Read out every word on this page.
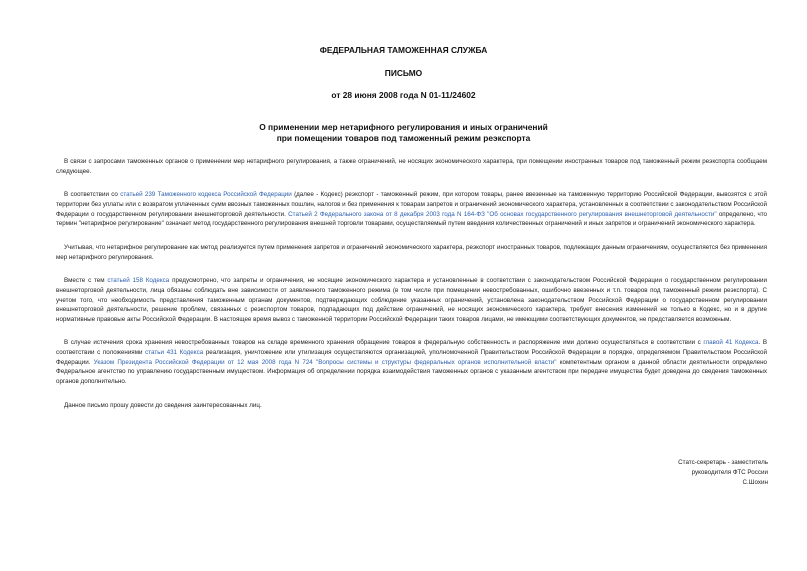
ФЕДЕРАЛЬНАЯ ТАМОЖЕННАЯ СЛУЖБА
ПИСЬМО
от 28 июня 2008 года N 01-11/24602
О применении мер нетарифного регулирования и иных ограничений
при помещении товаров под таможенный режим реэкспорта

В связи с запросами таможенных органов о применении мер нетарифного регулирования, а также ограничений, не носящих экономического характера, при помещении иностранных товаров под таможенный режим реэкспорта сообщаем следующее.

В соответствии со статьей 239 Таможенного кодекса Российской Федерации (далее - Кодекс) реэкспорт - таможенный режим, при котором товары, ранее ввезенные на таможенную территорию Российской Федерации, вывозятся с этой территории без уплаты или с возвратом уплаченных сумм ввозных таможенных пошлин, налогов и без применения к товарам запретов и ограничений экономического характера, установленных в соответствии с законодательством Российской Федерации о государственном регулировании внешнеторговой деятельности. Статьей 2 Федерального закона от 8 декабря 2003 года N 164-ФЗ "Об основах государственного регулирования внешнеторговой деятельности" определено, что термин "нетарифное регулирование" означает метод государственного регулирования внешней торговли товарами, осуществляемый путем введения количественных ограничений и иных запретов и ограничений экономического характера.

Учитывая, что нетарифное регулирование как метод реализуется путем применения запретов и ограничений экономического характера, реэкспорт иностранных товаров, подлежащих данным ограничениям, осуществляется без применения мер нетарифного регулирования.

Вместе с тем статьей 158 Кодекса предусмотрено, что запреты и ограничения, не носящие экономического характера и установленные в соответствии с законодательством Российской Федерации о государственном регулировании внешнеторговой деятельности, лица обязаны соблюдать вне зависимости от заявленного таможенного режима (в том числе при помещении невостребованных, ошибочно ввезенных и т.п. товаров под таможенный режим реэкспорта). С учетом того, что необходимость представления таможенным органам документов, подтверждающих соблюдение указанных ограничений, установлена законодательством Российской Федерации о государственном регулировании внешнеторговой деятельности, решение проблем, связанных с реэкспортом товаров, подпадающих под действие ограничений, не носящих экономического характера, требует внесения изменений не только в Кодекс, но и в другие нормативные правовые акты Российской Федерации. В настоящее время вывоз с таможенной территории Российской Федерации таких товаров лицами, не имеющими соответствующих документов, не представляется возможным.

В случае истечения срока хранения невостребованных товаров на складе временного хранения обращение товаров в федеральную собственность и распоряжение ими должно осуществляться в соответствии с главой 41 Кодекса. В соответствии с положениями статьи 431 Кодекса реализация, уничтожение или утилизация осуществляются организацией, уполномоченной Правительством Российской Федерации в порядке, определяемом Правительством Российской Федерации. Указом Президента Российской Федерации от 12 мая 2008 года N 724 "Вопросы системы и структуры федеральных органов исполнительной власти" компетентным органом в данной области деятельности определено Федеральное агентство по управлению государственным имуществом. Информация об определении порядка взаимодействия таможенных органов с указанным агентством при передаче имущества будет доведена до сведения таможенных органов дополнительно.

Данное письмо прошу довести до сведения заинтересованных лиц.

Статс-секретарь - заместитель
руководителя ФТС России
С.Шохин
